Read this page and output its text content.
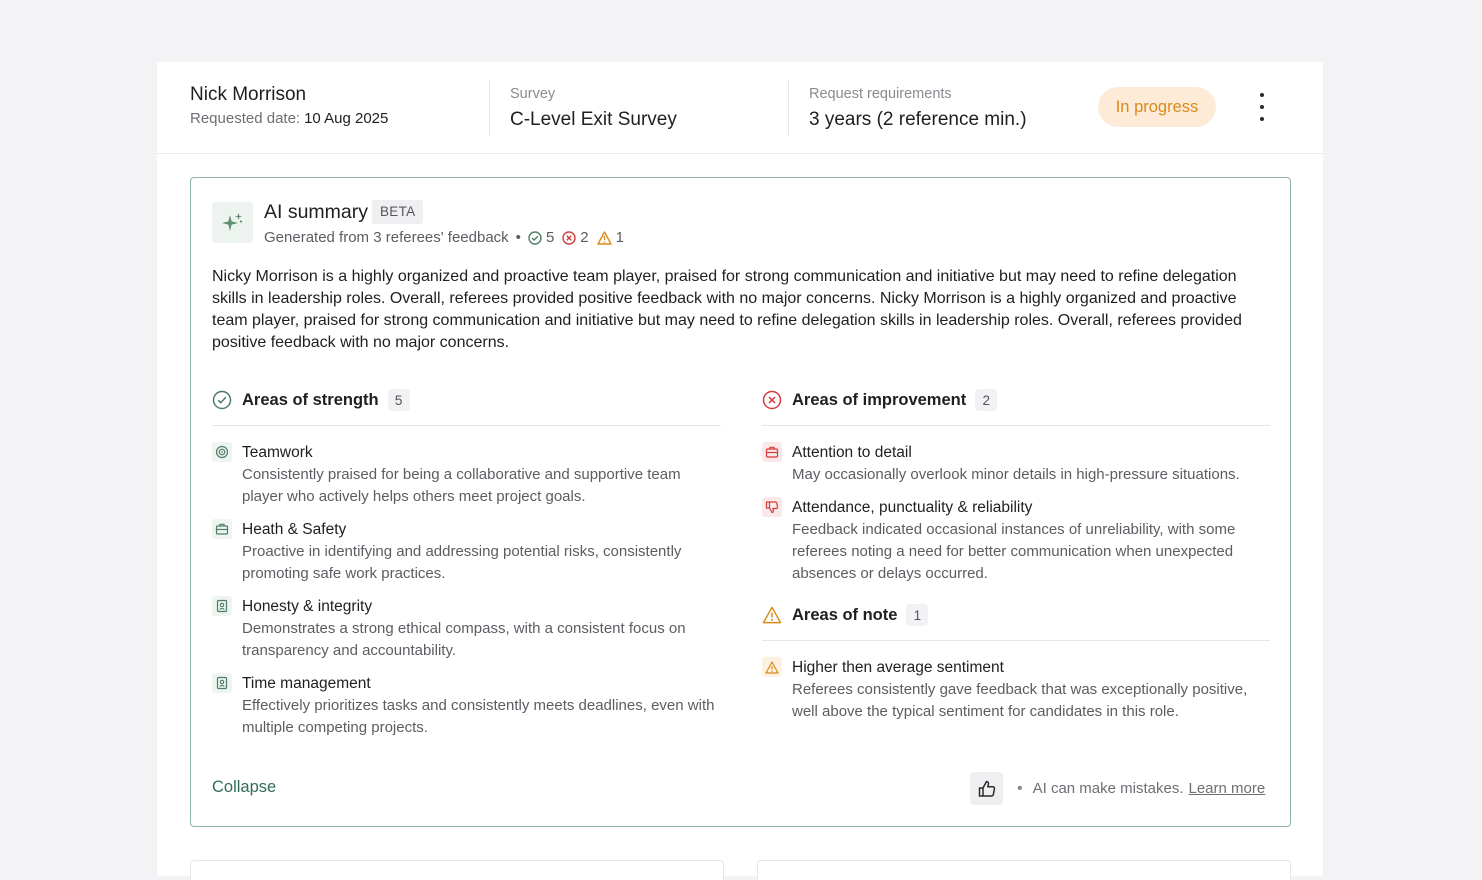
Nick Morrison
Requested date: 10 Aug 2025
Survey
C-Level Exit Survey
Request requirements
3 years (2 reference min.)
In progress
AI summary BETA
Generated from 3 referees' feedback • 5 2 1
Nicky Morrison is a highly organized and proactive team player, praised for strong communication and initiative but may need to refine delegation skills in leadership roles. Overall, referees provided positive feedback with no major concerns. Nicky Morrison is a highly organized and proactive team player, praised for strong communication and initiative but may need to refine delegation skills in leadership roles. Overall, referees provided positive feedback with no major concerns.
Areas of strength	5
Teamwork
Consistently praised for being a collaborative and supportive team player who actively helps others meet project goals.
Heath & Safety
Proactive in identifying and addressing potential risks, consistently promoting safe work practices.
Honesty & integrity
Demonstrates a strong ethical compass, with a consistent focus on transparency and accountability.
Time management
Effectively prioritizes tasks and consistently meets deadlines, even with multiple competing projects.
Areas of improvement	2
Attention to detail
May occasionally overlook minor details in high-pressure situations.
Attendance, punctuality & reliability
Feedback indicated occasional instances of unreliability, with some referees noting a need for better communication when unexpected absences or delays occurred.
Areas of note	1
Higher then average sentiment
Referees consistently gave feedback that was exceptionally positive, well above the typical sentiment for candidates in this role.
Collapse	• AI can make mistakes. Learn more
